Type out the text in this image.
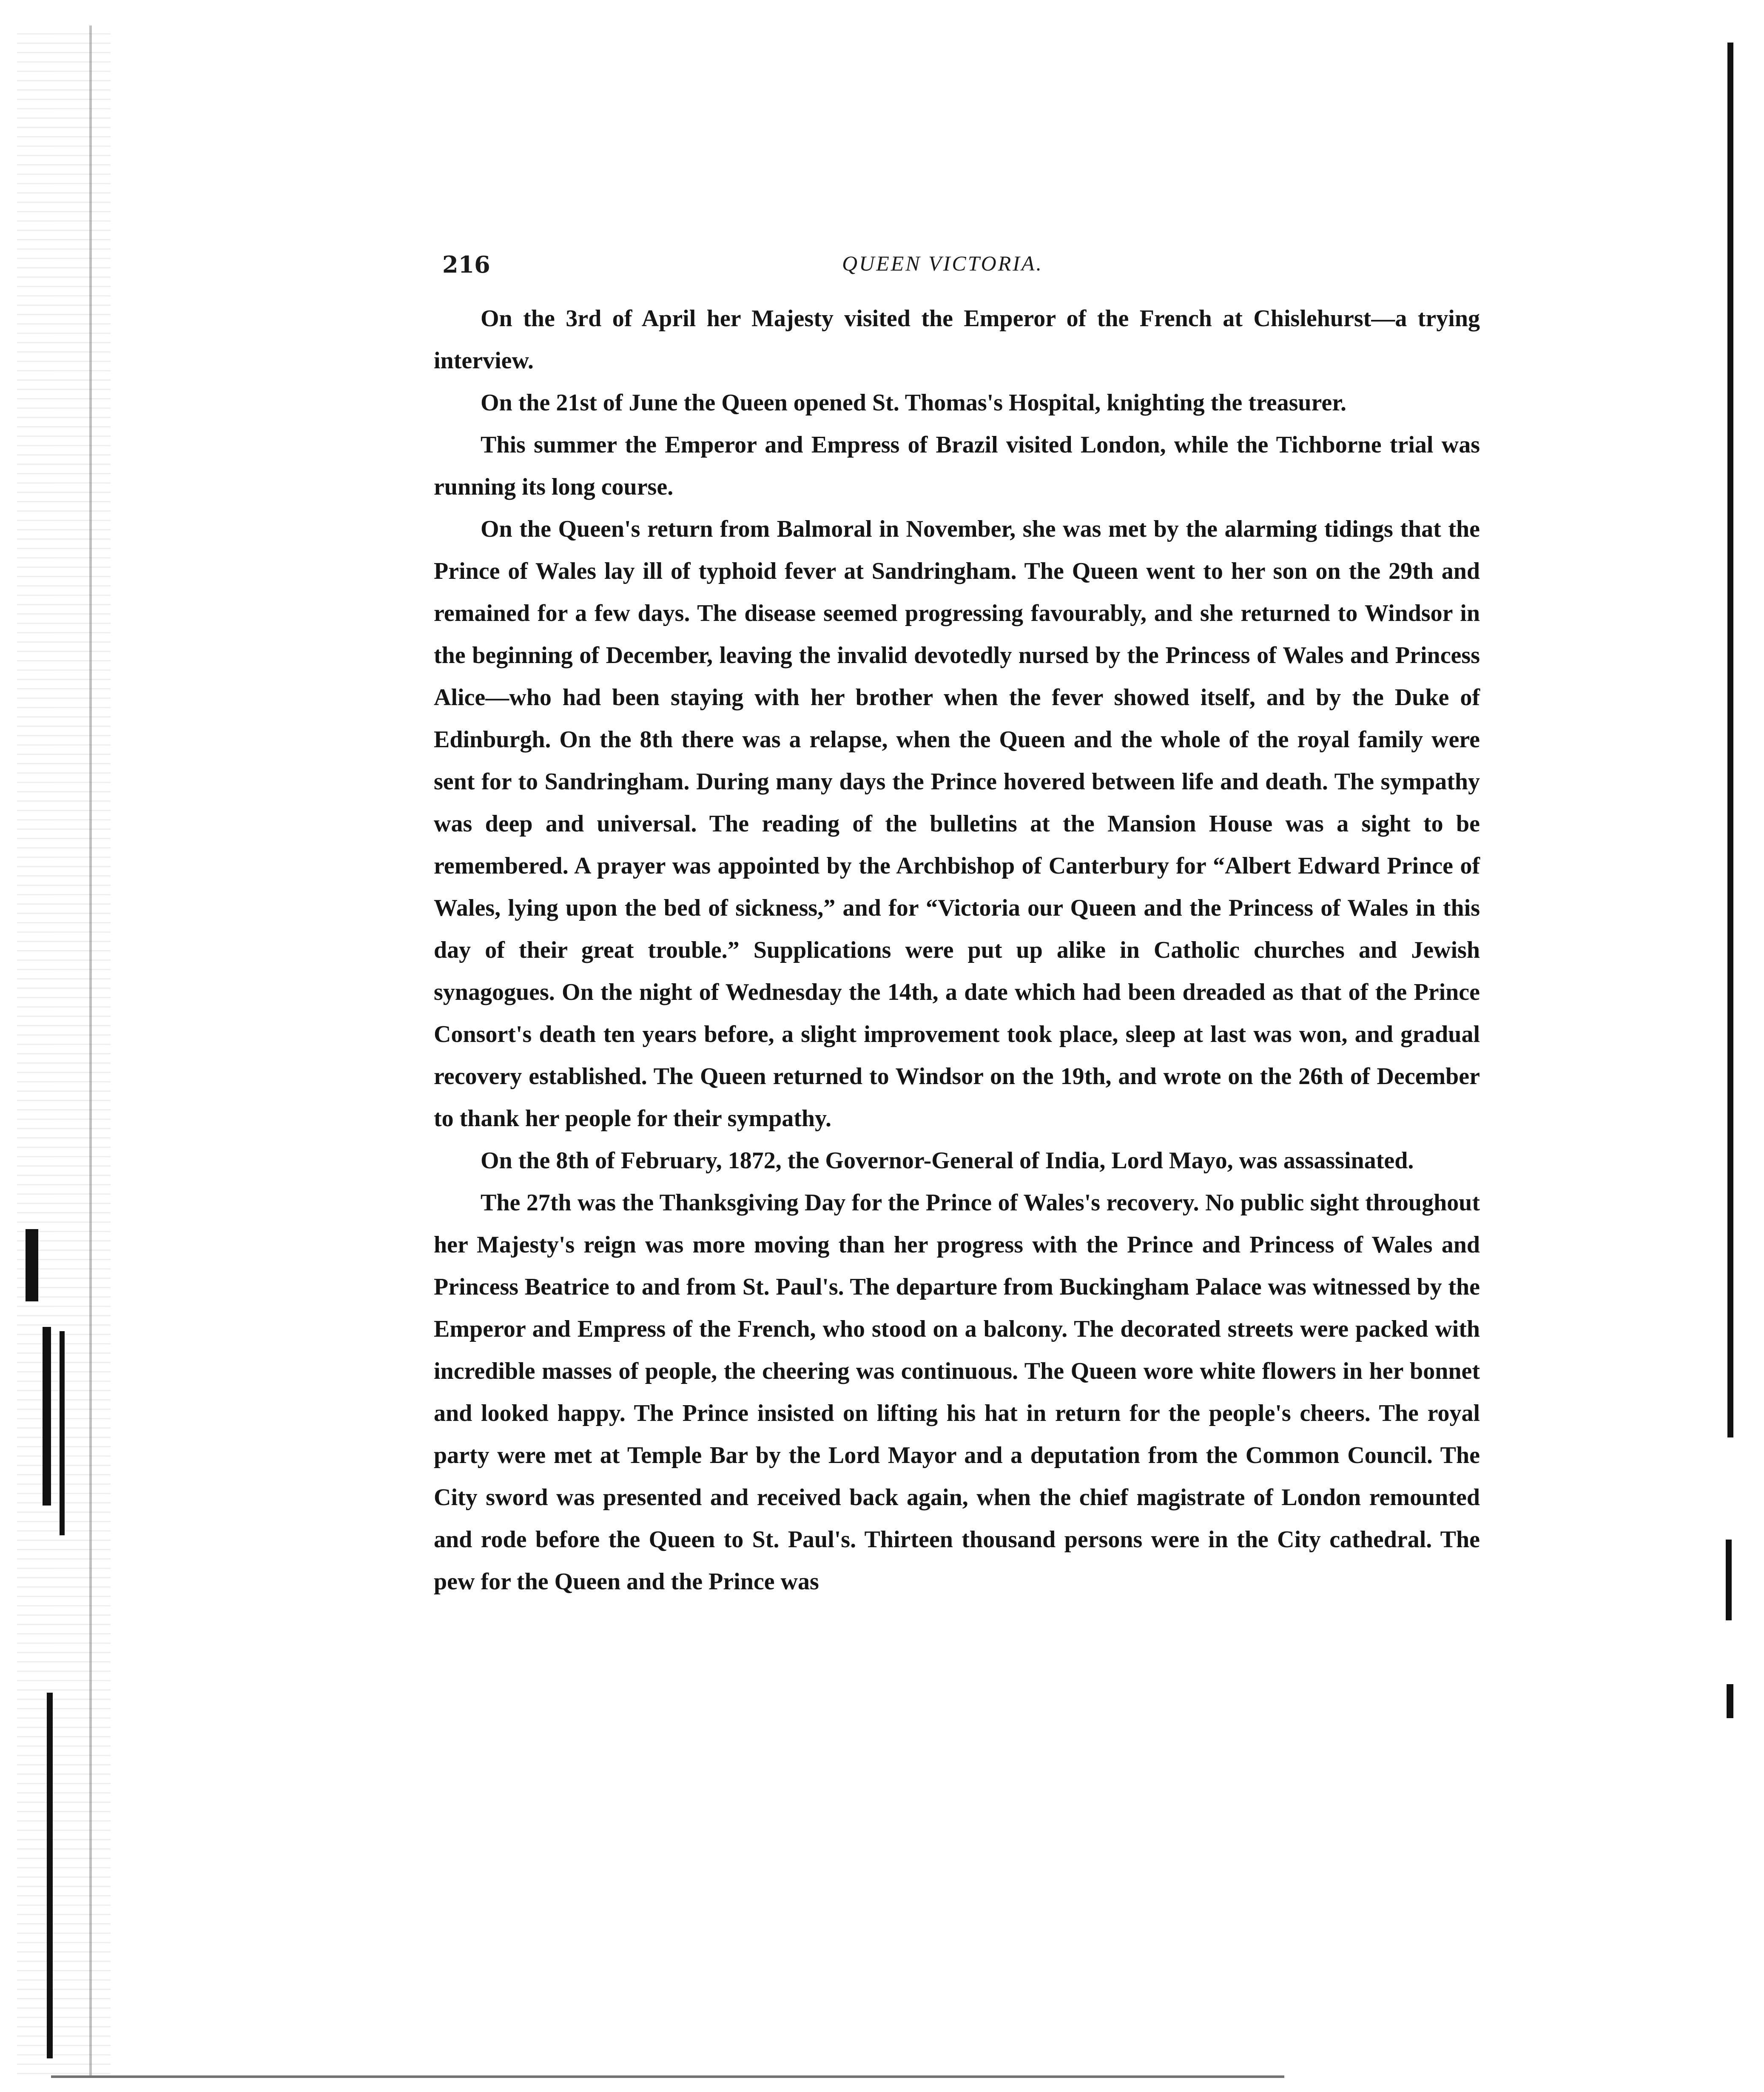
216	QUEEN VICTORIA.

On the 3rd of April her Majesty visited the Emperor of the French at Chislehurst—a trying interview.

On the 21st of June the Queen opened St. Thomas's Hospital, knighting the treasurer.

This summer the Emperor and Empress of Brazil visited London, while the Tichborne trial was running its long course.

On the Queen's return from Balmoral in November, she was met by the alarming tidings that the Prince of Wales lay ill of typhoid fever at Sandringham. The Queen went to her son on the 29th and remained for a few days. The disease seemed progressing favourably, and she returned to Windsor in the beginning of December, leaving the invalid devotedly nursed by the Princess of Wales and Princess Alice—who had been staying with her brother when the fever showed itself, and by the Duke of Edinburgh. On the 8th there was a relapse, when the Queen and the whole of the royal family were sent for to Sandringham. During many days the Prince hovered between life and death. The sympathy was deep and universal. The reading of the bulletins at the Mansion House was a sight to be remembered. A prayer was appointed by the Archbishop of Canterbury for “Albert Edward Prince of Wales, lying upon the bed of sickness,” and for “Victoria our Queen and the Princess of Wales in this day of their great trouble.” Supplications were put up alike in Catholic churches and Jewish synagogues. On the night of Wednesday the 14th, a date which had been dreaded as that of the Prince Consort's death ten years before, a slight improvement took place, sleep at last was won, and gradual recovery established. The Queen returned to Windsor on the 19th, and wrote on the 26th of December to thank her people for their sympathy.

On the 8th of February, 1872, the Governor-General of India, Lord Mayo, was assassinated.

The 27th was the Thanksgiving Day for the Prince of Wales's recovery. No public sight throughout her Majesty's reign was more moving than her progress with the Prince and Princess of Wales and Princess Beatrice to and from St. Paul's. The departure from Buckingham Palace was witnessed by the Emperor and Empress of the French, who stood on a balcony. The decorated streets were packed with incredible masses of people, the cheering was continuous. The Queen wore white flowers in her bonnet and looked happy. The Prince insisted on lifting his hat in return for the people's cheers. The royal party were met at Temple Bar by the Lord Mayor and a deputation from the Common Council. The City sword was presented and received back again, when the chief magistrate of London remounted and rode before the Queen to St. Paul's. Thirteen thousand persons were in the City cathedral. The pew for the Queen and the Prince was
